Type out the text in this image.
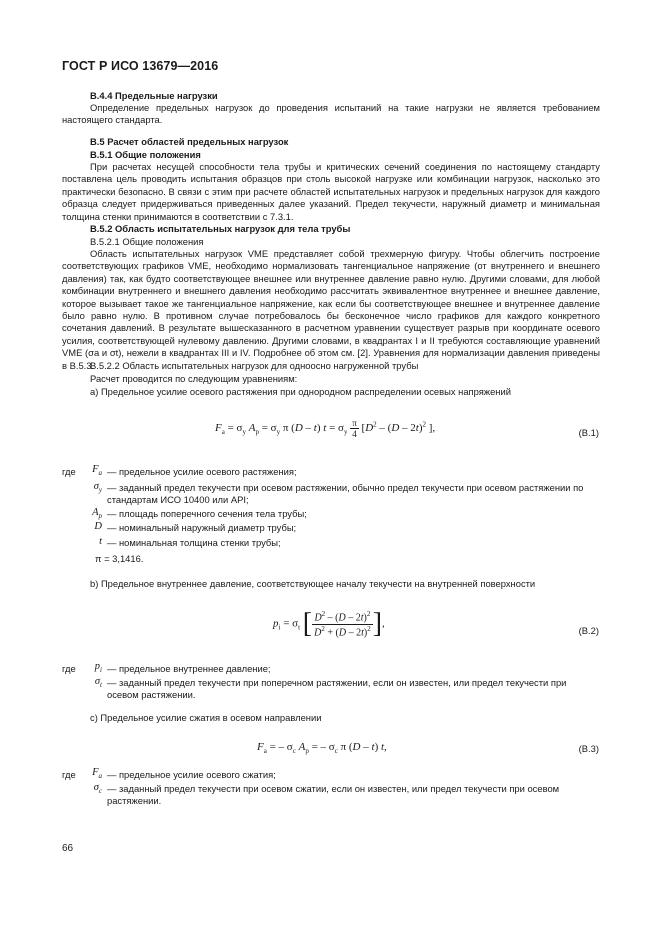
ГОСТ Р ИСО 13679—2016
B.4.4 Предельные нагрузки
Определение предельных нагрузок до проведения испытаний на такие нагрузки не является требованием настоящего стандарта.
B.5 Расчет областей предельных нагрузок
B.5.1 Общие положения
При расчетах несущей способности тела трубы и критических сечений соединения по настоящему стандарту поставлена цель проводить испытания образцов при столь высокой нагрузке или комбинации нагрузок, насколько это практически безопасно. В связи с этим при расчете областей испытательных нагрузок и предельных нагрузок для каждого образца следует придерживаться приведенных далее указаний. Предел текучести, наружный диаметр и минимальная толщина стенки принимаются в соответствии с 7.3.1.
B.5.2 Область испытательных нагрузок для тела трубы
B.5.2.1 Общие положения
Область испытательных нагрузок VME представляет собой трехмерную фигуру. Чтобы облегчить построение соответствующих графиков VME, необходимо нормализовать тангенциальное напряжение (от внутреннего и внешнего давления) так, как будто соответствующее внешнее или внутреннее давление равно нулю. Другими словами, для любой комбинации внутреннего и внешнего давления необходимо рассчитать эквивалентное внутреннее и внешнее давление, которое вызывает такое же тангенциальное напряжение, как если бы соответствующее внешнее и внутреннее давление было равно нулю. В противном случае потребовалось бы бесконечное число графиков для каждого конкретного сочетания давлений. В результате вышесказанного в расчетном уравнении существует разрыв при координате осевого усилия, соответствующей нулевому давлению. Другими словами, в квадрантах I и II требуются составляющие уравнений VME (σa и σt), нежели в квадрантах III и IV. Подробнее об этом см. [2]. Уравнения для нормализации давления приведены в B.5.3.
B.5.2.2 Область испытательных нагрузок для одноосно нагруженной трубы
Расчет проводится по следующим уравнениям:
a) Предельное усилие осевого растяжения при однородном распределении осевых напряжений
$F_a = \sigma_y$ $A_p = \sigma_y$ π (D – t) $t = \sigma_y \frac{\pi}{4} [D^2 - (D - 2t)^2$ ],	(B.1)
где	$F_a$ — предельное усилие осевого растяжения;
$\sigma_y$ — заданный предел текучести при осевом растяжении, обычно предел текучести при осевом растяжении по стандартам ИСО 10400 или API;
$A_p$ — площадь поперечного сечения тела трубы;
D — номинальный наружный диаметр трубы;
t — номинальная толщина стенки трубы;
π = 3,1416.
b) Предельное внутреннее давление, соответствующее началу текучести на внутренней поверхности
$p_i = \sigma_t$ [ $\frac{D^2 - (D - 2t)^2}{D^2 + (D - 2t)^2}$ ],
(B.2)
где	$p_i$ — предельное внутреннее давление;
$\sigma_t$ — заданный предел текучести при поперечном растяжении, если он известен, или предел текучести при осевом растяжении.
c) Предельное усилие сжатия в осевом направлении
$F_a$ = – $\sigma_c$ $A_p$ = – $\sigma_c$ π (D – t) t,	(B.3)
где	$F_a$ — предельное усилие осевого сжатия;
$\sigma_c$ — заданный предел текучести при осевом сжатии, если он известен, или предел текучести при осевом растяжении.
66
